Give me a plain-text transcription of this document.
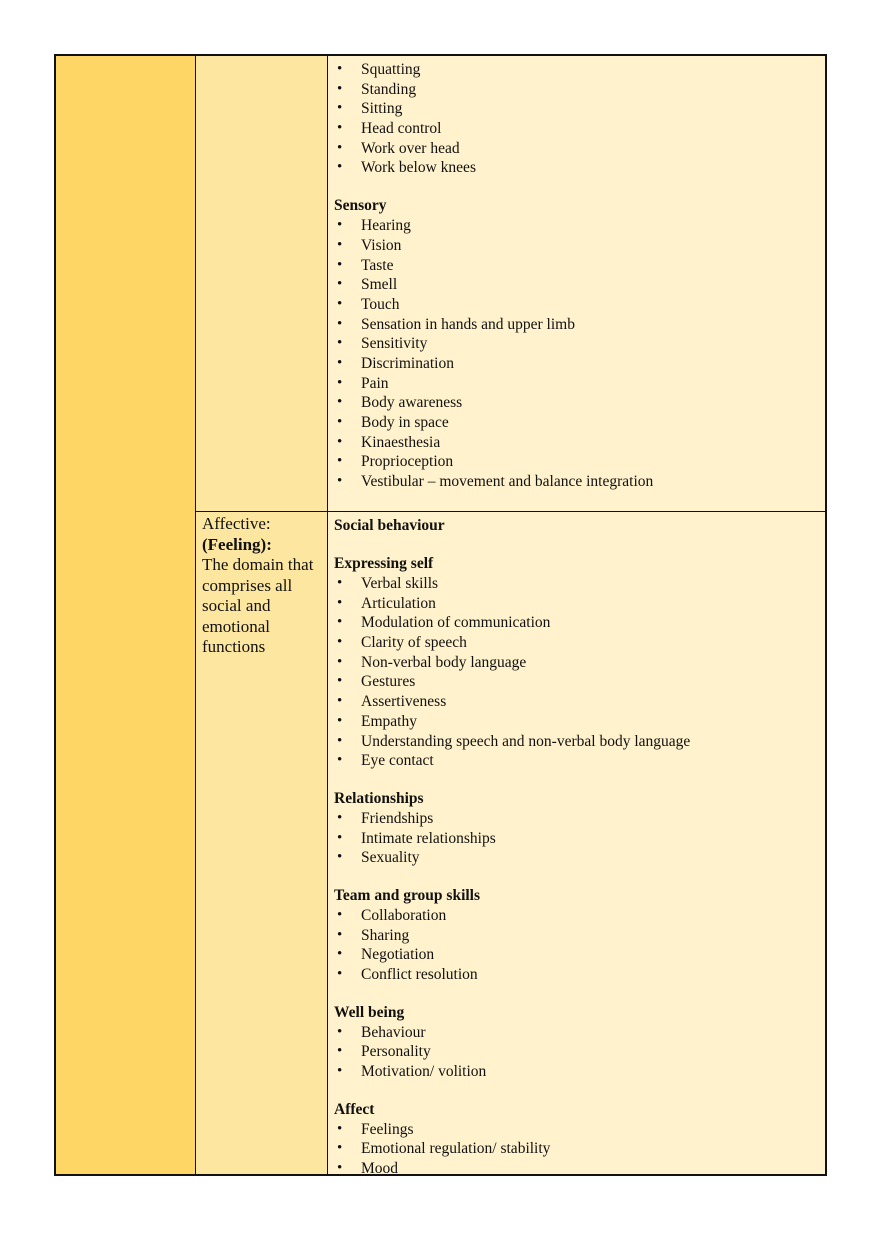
Affective:
(Feeling):
The domain that comprises all social and emotional functions
• Squatting
• Standing
• Sitting
• Head control
• Work over head
• Work below knees

Sensory

• Hearing
• Vision
• Taste
• Smell
• Touch
• Sensation in hands and upper limb
• Sensitivity
• Discrimination
• Pain
• Body awareness
• Body in space
• Kinaesthesia
• Proprioception
• Vestibular – movement and balance integration

Social behaviour

Expressing self

• Verbal skills
• Articulation
• Modulation of communication
• Clarity of speech
• Non-verbal body language
• Gestures
• Assertiveness
• Empathy
• Understanding speech and non-verbal body language
• Eye contact

Relationships

• Friendships
• Intimate relationships
• Sexuality

Team and group skills

• Collaboration
• Sharing
• Negotiation
• Conflict resolution

Well being

• Behaviour
• Personality
• Motivation/ volition

Affect

• Feelings
• Emotional regulation/ stability
• Mood
